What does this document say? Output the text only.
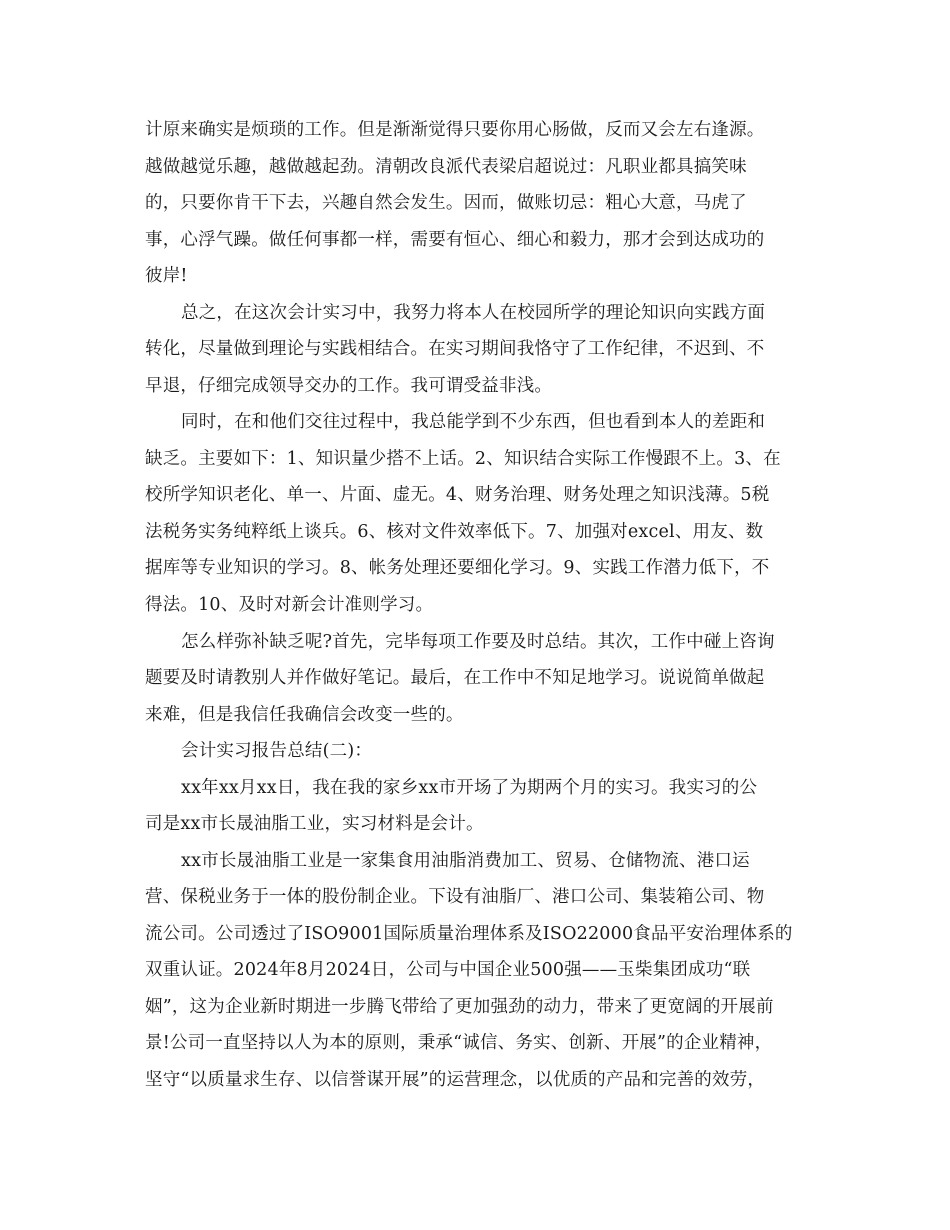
计原来确实是烦琐的工作。但是渐渐觉得只要你用心肠做，反而又会左右逢源。
越做越觉乐趣，越做越起劲。清朝改良派代表梁启超说过：凡职业都具搞笑味
的，只要你肯干下去，兴趣自然会发生。因而，做账切忌：粗心大意，马虎了
事，心浮气躁。做任何事都一样，需要有恒心、细心和毅力，那才会到达成功的
彼岸!
总之，在这次会计实习中，我努力将本人在校园所学的理论知识向实践方面
转化，尽量做到理论与实践相结合。在实习期间我恪守了工作纪律，不迟到、不
早退，仔细完成领导交办的工作。我可谓受益非浅。
同时，在和他们交往过程中，我总能学到不少东西，但也看到本人的差距和
缺乏。主要如下：1、知识量少搭不上话。2、知识结合实际工作慢跟不上。3、在
校所学知识老化、单一、片面、虚无。4、财务治理、财务处理之知识浅薄。5税
法税务实务纯粹纸上谈兵。6、核对文件效率低下。7、加强对excel、用友、数
据库等专业知识的学习。8、帐务处理还要细化学习。9、实践工作潜力低下，不
得法。10、及时对新会计准则学习。
怎么样弥补缺乏呢?首先，完毕每项工作要及时总结。其次，工作中碰上咨询
题要及时请教别人并作做好笔记。最后，在工作中不知足地学习。说说简单做起
来难，但是我信任我确信会改变一些的。
会计实习报告总结(二)：
xx年xx月xx日，我在我的家乡xx市开场了为期两个月的实习。我实习的公
司是xx市长晟油脂工业，实习材料是会计。
xx市长晟油脂工业是一家集食用油脂消费加工、贸易、仓储物流、港口运
营、保税业务于一体的股份制企业。下设有油脂厂、港口公司、集装箱公司、物
流公司。公司透过了ISO9001国际质量治理体系及ISO22000食品平安治理体系的
双重认证。2024年8月2024日，公司与中国企业500强——玉柴集团成功“联
姻”，这为企业新时期进一步腾飞带给了更加强劲的动力，带来了更宽阔的开展前
景!公司一直坚持以人为本的原则，秉承“诚信、务实、创新、开展”的企业精神，
坚守“以质量求生存、以信誉谋开展”的运营理念，以优质的产品和完善的效劳，
